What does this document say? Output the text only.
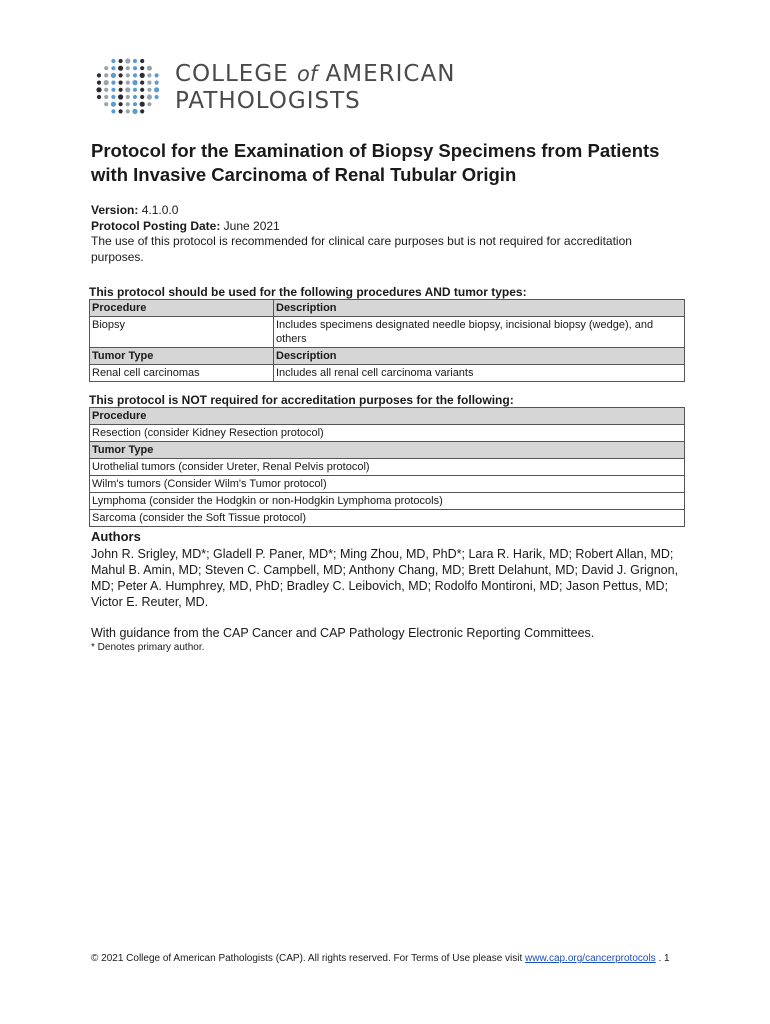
COLLEGE of AMERICAN
PATHOLOGISTS
Protocol for the Examination of Biopsy Specimens from Patients with Invasive Carcinoma of Renal Tubular Origin
Version: 4.1.0.0
Protocol Posting Date: June 2021
The use of this protocol is recommended for clinical care purposes but is not required for accreditation purposes.

This protocol should be used for the following procedures AND tumor types:

Procedure	Description
Biopsy	Includes specimens designated needle biopsy, incisional biopsy (wedge), and others
Tumor Type	Description
Renal cell carcinomas	Includes all renal cell carcinoma variants

This protocol is NOT required for accreditation purposes for the following:

Procedure
Resection (consider Kidney Resection protocol)
Tumor Type
Urothelial tumors (consider Ureter, Renal Pelvis protocol)
Wilm's tumors (Consider Wilm's Tumor protocol)
Lymphoma (consider the Hodgkin or non-Hodgkin Lymphoma protocols)
Sarcoma (consider the Soft Tissue protocol)
Authors

John R. Srigley, MD*; Gladell P. Paner, MD*; Ming Zhou, MD, PhD*; Lara R. Harik, MD; Robert Allan, MD; Mahul B. Amin, MD; Steven C. Campbell, MD; Anthony Chang, MD; Brett Delahunt, MD; David J. Grignon, MD; Peter A. Humphrey, MD, PhD; Bradley C. Leibovich, MD; Rodolfo Montironi, MD; Jason Pettus, MD; Victor E. Reuter, MD.

With guidance from the CAP Cancer and CAP Pathology Electronic Reporting Committees.
* Denotes primary author.
© 2021 College of American Pathologists (CAP). All rights reserved. For Terms of Use please visit www.cap.org/cancerprotocols . 1
